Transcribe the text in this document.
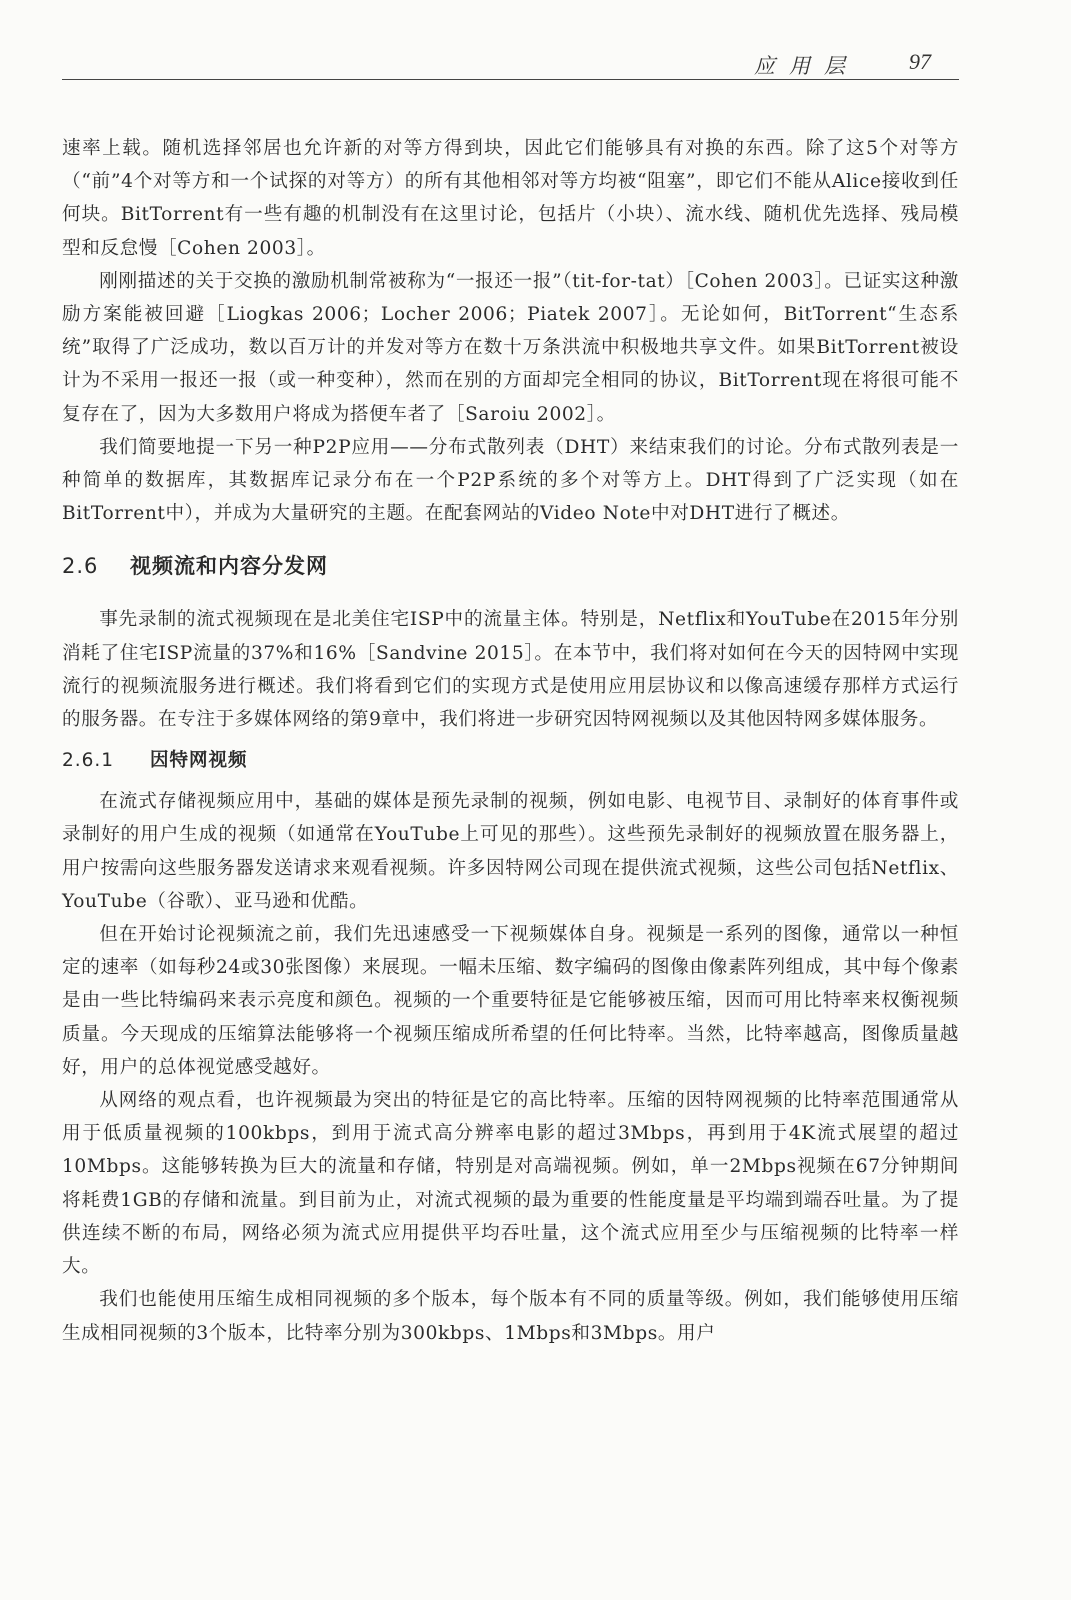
应用层 97

速率上载。随机选择邻居也允许新的对等方得到块，因此它们能够具有对换的东西。除了这5个对等方（“前”4个对等方和一个试探的对等方）的所有其他相邻对等方均被“阻塞”，即它们不能从Alice接收到任何块。BitTorrent有一些有趣的机制没有在这里讨论，包括片（小块）、流水线、随机优先选择、残局模型和反怠慢［Cohen 2003］。

刚刚描述的关于交换的激励机制常被称为“一报还一报”（tit-for-tat）［Cohen 2003］。已证实这种激励方案能被回避［Liogkas 2006；Locher 2006；Piatek 2007］。无论如何，BitTorrent“生态系统”取得了广泛成功，数以百万计的并发对等方在数十万条洪流中积极地共享文件。如果BitTorrent被设计为不采用一报还一报（或一种变种），然而在别的方面却完全相同的协议，BitTorrent现在将很可能不复存在了，因为大多数用户将成为搭便车者了［Saroiu 2002］。

我们简要地提一下另一种P2P应用——分布式散列表（DHT）来结束我们的讨论。分布式散列表是一种简单的数据库，其数据库记录分布在一个P2P系统的多个对等方上。DHT得到了广泛实现（如在BitTorrent中），并成为大量研究的主题。在配套网站的Video Note中对DHT进行了概述。

2.6 视频流和内容分发网

事先录制的流式视频现在是北美住宅ISP中的流量主体。特别是，Netflix和YouTube在2015年分别消耗了住宅ISP流量的37%和16%［Sandvine 2015］。在本节中，我们将对如何在今天的因特网中实现流行的视频流服务进行概述。我们将看到它们的实现方式是使用应用层协议和以像高速缓存那样方式运行的服务器。在专注于多媒体网络的第9章中，我们将进一步研究因特网视频以及其他因特网多媒体服务。

2.6.1 因特网视频

在流式存储视频应用中，基础的媒体是预先录制的视频，例如电影、电视节目、录制好的体育事件或录制好的用户生成的视频（如通常在YouTube上可见的那些）。这些预先录制好的视频放置在服务器上，用户按需向这些服务器发送请求来观看视频。许多因特网公司现在提供流式视频，这些公司包括Netflix、YouTube（谷歌）、亚马逊和优酷。

但在开始讨论视频流之前，我们先迅速感受一下视频媒体自身。视频是一系列的图像，通常以一种恒定的速率（如每秒24或30张图像）来展现。一幅未压缩、数字编码的图像由像素阵列组成，其中每个像素是由一些比特编码来表示亮度和颜色。视频的一个重要特征是它能够被压缩，因而可用比特率来权衡视频质量。今天现成的压缩算法能够将一个视频压缩成所希望的任何比特率。当然，比特率越高，图像质量越好，用户的总体视觉感受越好。

从网络的观点看，也许视频最为突出的特征是它的高比特率。压缩的因特网视频的比特率范围通常从用于低质量视频的100kbps，到用于流式高分辨率电影的超过3Mbps，再到用于4K流式展望的超过10Mbps。这能够转换为巨大的流量和存储，特别是对高端视频。例如，单一2Mbps视频在67分钟期间将耗费1GB的存储和流量。到目前为止，对流式视频的最为重要的性能度量是平均端到端吞吐量。为了提供连续不断的布局，网络必须为流式应用提供平均吞吐量，这个流式应用至少与压缩视频的比特率一样大。

我们也能使用压缩生成相同视频的多个版本，每个版本有不同的质量等级。例如，我们能够使用压缩生成相同视频的3个版本，比特率分别为300kbps、1Mbps和3Mbps。用户
